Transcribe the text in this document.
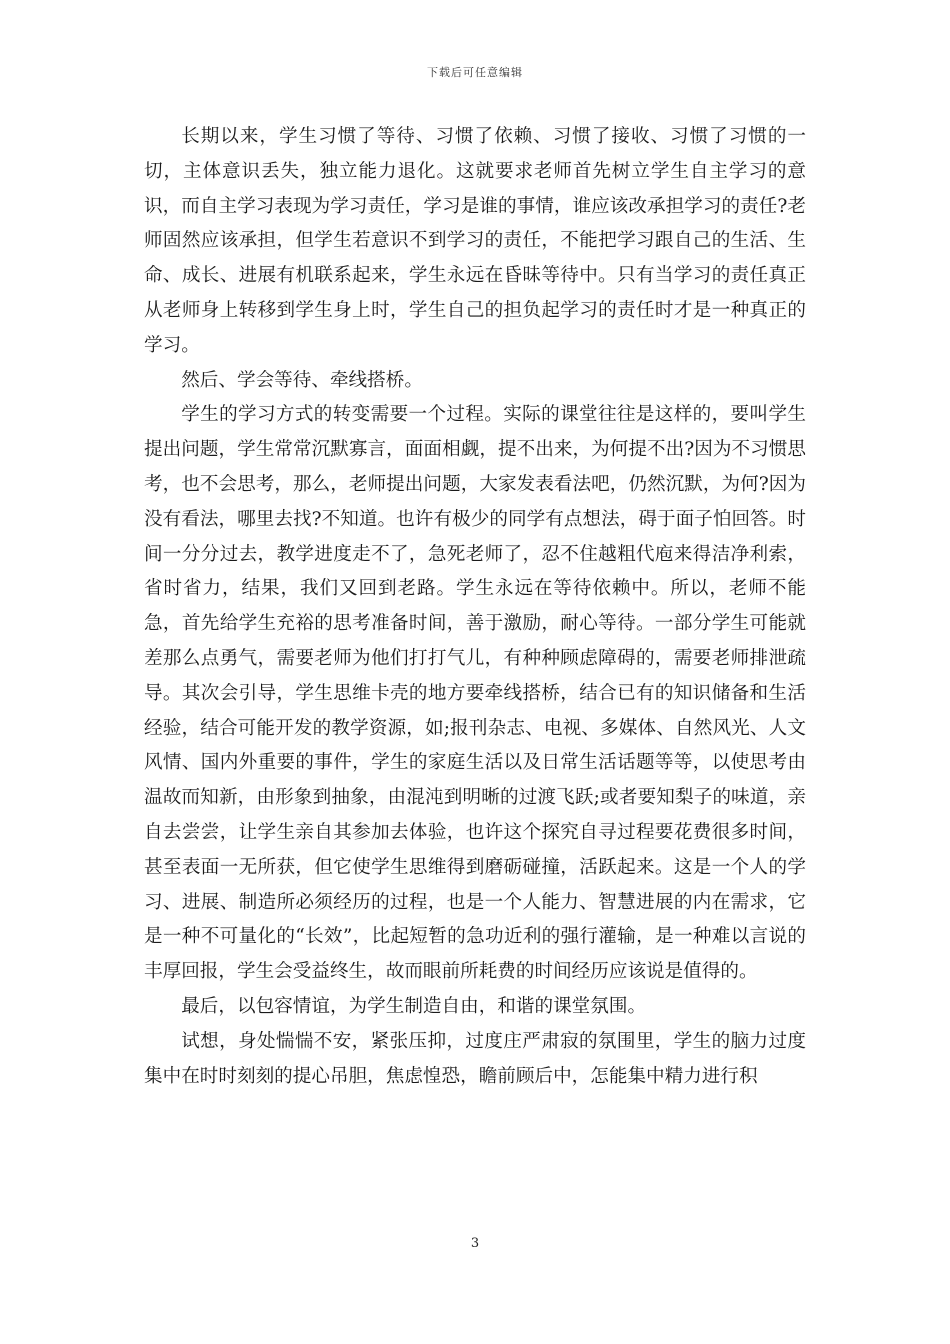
下载后可任意编辑

长期以来，学生习惯了等待、习惯了依赖、习惯了接收、习惯了习惯的一切，主体意识丢失，独立能力退化。这就要求老师首先树立学生自主学习的意识，而自主学习表现为学习责任，学习是谁的事情，谁应该改承担学习的责任?老师固然应该承担，但学生若意识不到学习的责任，不能把学习跟自己的生活、生命、成长、进展有机联系起来，学生永远在昏昧等待中。只有当学习的责任真正从老师身上转移到学生身上时，学生自己的担负起学习的责任时才是一种真正的学习。

然后、学会等待、牵线搭桥。

学生的学习方式的转变需要一个过程。实际的课堂往往是这样的，要叫学生提出问题，学生常常沉默寡言，面面相觑，提不出来，为何提不出?因为不习惯思考，也不会思考，那么，老师提出问题，大家发表看法吧，仍然沉默，为何?因为没有看法，哪里去找?不知道。也许有极少的同学有点想法，碍于面子怕回答。时间一分分过去，教学进度走不了，急死老师了，忍不住越粗代庖来得洁净利索，省时省力，结果，我们又回到老路。学生永远在等待依赖中。所以，老师不能急，首先给学生充裕的思考准备时间，善于激励，耐心等待。一部分学生可能就差那么点勇气，需要老师为他们打打气儿，有种种顾虑障碍的，需要老师排泄疏导。其次会引导，学生思维卡壳的地方要牵线搭桥，结合已有的知识储备和生活经验，结合可能开发的教学资源，如;报刊杂志、电视、多媒体、自然风光、人文风情、国内外重要的事件，学生的家庭生活以及日常生活话题等等，以使思考由温故而知新，由形象到抽象，由混沌到明晰的过渡飞跃;或者要知梨子的味道，亲自去尝尝，让学生亲自其参加去体验，也许这个探究自寻过程要花费很多时间，甚至表面一无所获，但它使学生思维得到磨砺碰撞，活跃起来。这是一个人的学习、进展、制造所必须经历的过程，也是一个人能力、智慧进展的内在需求，它是一种不可量化的“长效”，比起短暂的急功近利的强行灌输，是一种难以言说的丰厚回报，学生会受益终生，故而眼前所耗费的时间经历应该说是值得的。

最后，以包容情谊，为学生制造自由，和谐的课堂氛围。

试想，身处惴惴不安，紧张压抑，过度庄严肃寂的氛围里，学生的脑力过度集中在时时刻刻的提心吊胆，焦虑惶恐，瞻前顾后中，怎能集中精力进行积

3
